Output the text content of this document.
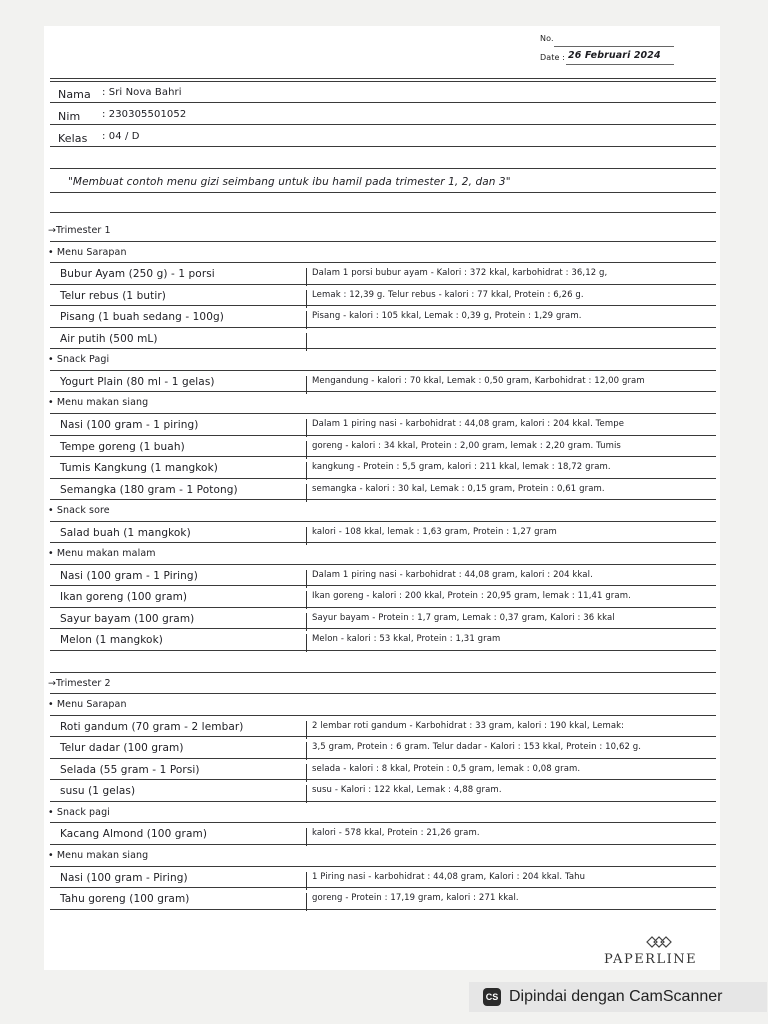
No.
Date : 26 Februari 2024
Nama : Sri Nova Bahri
Nim : 230305501052
Kelas : 04 / D
"Membuat contoh menu gizi seimbang untuk ibu hamil pada trimester 1, 2, dan 3"
→Trimester 1
• Menu Sarapan
Bubur Ayam (250 g) - 1 porsi	Dalam 1 porsi bubur ayam - Kalori : 372 kkal, karbohidrat : 36,12 g,
Telur rebus (1 butir)	Lemak : 12,39 g. Telur rebus - kalori : 77 kkal, Protein : 6,26 g.
Pisang (1 buah sedang - 100g)	Pisang - kalori : 105 kkal, Lemak : 0,39 g, Protein : 1,29 gram.
Air putih (500 mL)
• Snack Pagi
Yogurt Plain (80 ml - 1 gelas)	Mengandung - kalori : 70 kkal, Lemak : 0,50 gram, Karbohidrat : 12,00 gram
• Menu makan siang
Nasi (100 gram - 1 piring)	Dalam 1 piring nasi - karbohidrat : 44,08 gram, kalori : 204 kkal. Tempe
Tempe goreng (1 buah)	goreng - kalori : 34 kkal, Protein : 2,00 gram, lemak : 2,20 gram. Tumis
Tumis Kangkung (1 mangkok)	kangkung - Protein : 5,5 gram, kalori : 211 kkal, lemak : 18,72 gram.
Semangka (180 gram - 1 Potong)	semangka - kalori : 30 kal, Lemak : 0,15 gram, Protein : 0,61 gram.
• Snack sore
Salad buah (1 mangkok)	kalori - 108 kkal, lemak : 1,63 gram, Protein : 1,27 gram
• Menu makan malam
Nasi (100 gram - 1 Piring)	Dalam 1 piring nasi - karbohidrat : 44,08 gram, kalori : 204 kkal.
Ikan goreng (100 gram)	Ikan goreng - kalori : 200 kkal, Protein : 20,95 gram, lemak : 11,41 gram.
Sayur bayam (100 gram)	Sayur bayam - Protein : 1,7 gram, Lemak : 0,37 gram, Kalori : 36 kkal
Melon (1 mangkok)	Melon - kalori : 53 kkal, Protein : 1,31 gram
→Trimester 2
• Menu Sarapan
Roti gandum (70 gram - 2 lembar)	2 lembar roti gandum - Karbohidrat : 33 gram, kalori : 190 kkal, Lemak:
Telur dadar (100 gram)	3,5 gram, Protein : 6 gram. Telur dadar - Kalori : 153 kkal, Protein : 10,62 g.
Selada (55 gram - 1 Porsi)	selada - kalori : 8 kkal, Protein : 0,5 gram, lemak : 0,08 gram.
susu (1 gelas)	susu - Kalori : 122 kkal, Lemak : 4,88 gram.
• Snack pagi
Kacang Almond (100 gram)	kalori - 578 kkal, Protein : 21,26 gram.
• Menu makan siang
Nasi (100 gram - Piring)	1 Piring nasi - karbohidrat : 44,08 gram, Kalori : 204 kkal. Tahu
Tahu goreng (100 gram)	goreng - Protein : 17,19 gram, kalori : 271 kkal.
PAPERLINE
CS Dipindai dengan CamScanner
